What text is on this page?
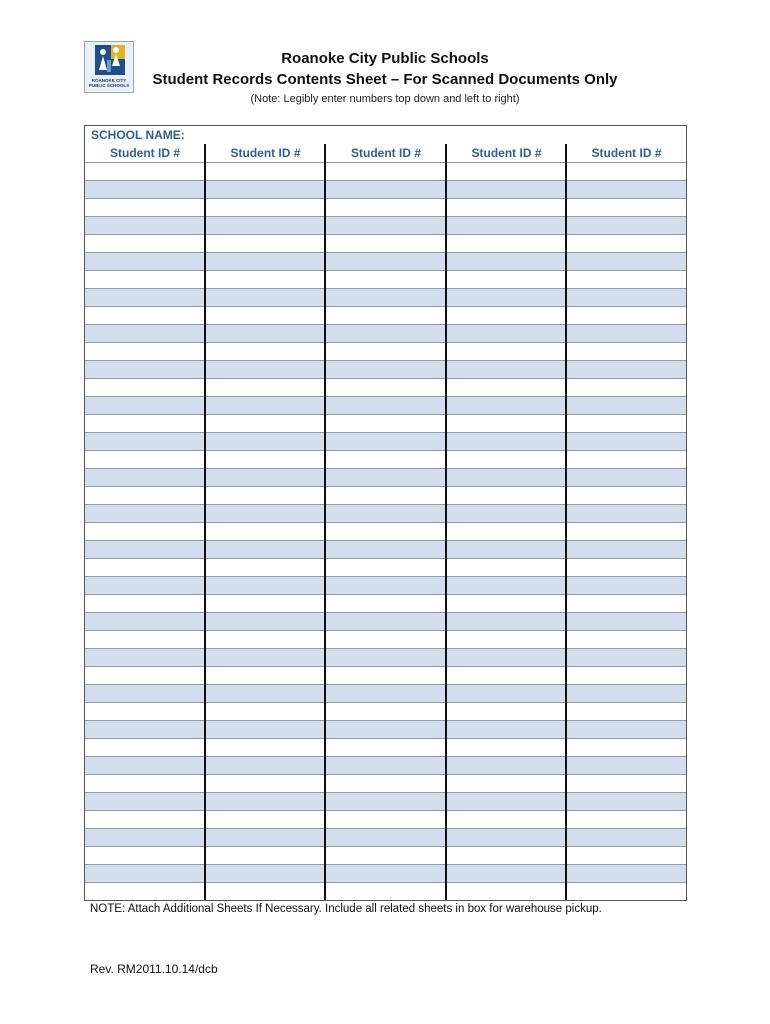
ROANOKE CITY
PUBLIC SCHOOLS
Roanoke City Public Schools
Student Records Contents Sheet – For Scanned Documents Only
(Note: Legibly enter numbers top down and left to right)
SCHOOL NAME:
Student ID #	Student ID #	Student ID #	Student ID #	Student ID #
NOTE: Attach Additional Sheets If Necessary. Include all related sheets in box for warehouse pickup.
Rev. RM2011.10.14/dcb
